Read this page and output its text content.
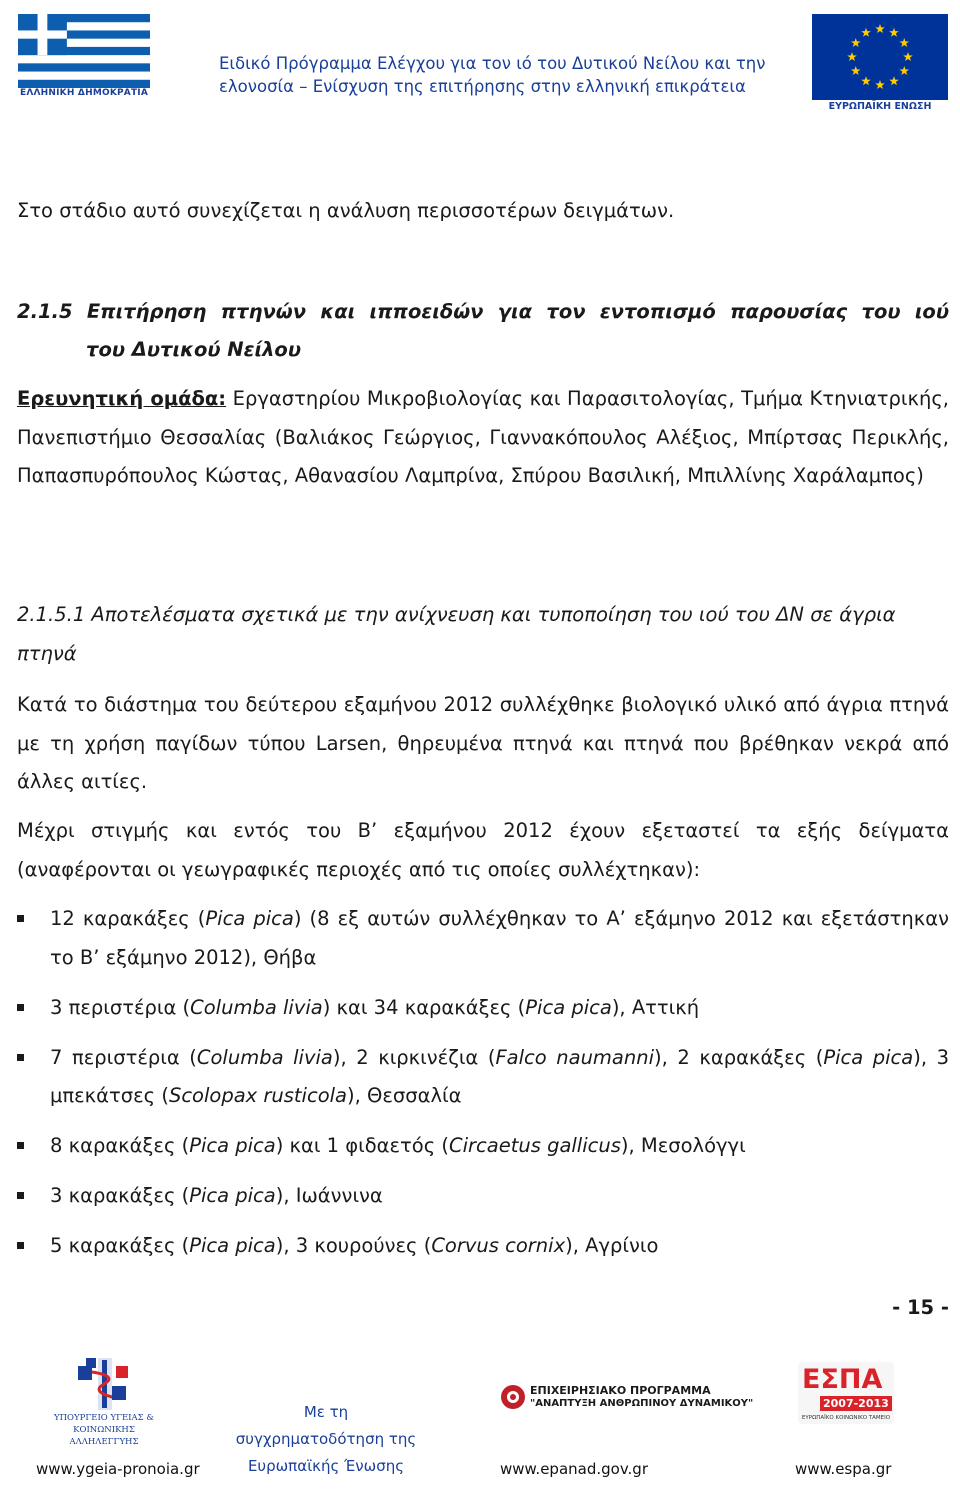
ΕΛΛΗΝΙΚΗ ΔΗΜΟΚΡΑΤΙΑ
Ειδικό Πρόγραμμα Ελέγχου για τον ιό του Δυτικού Νείλου και την
ελονοσία – Ενίσχυση της επιτήρησης στην ελληνική επικράτεια
ΕΥΡΩΠΑΪΚΗ ΕΝΩΣΗ
Στο στάδιο αυτό συνεχίζεται η ανάλυση περισσοτέρων δειγμάτων.
2.1.5 Επιτήρηση πτηνών και ιπποειδών για τον εντοπισμό παρουσίας του ιού
του Δυτικού Νείλου
Ερευνητική ομάδα: Εργαστηρίου Μικροβιολογίας και Παρασιτολογίας, Τμήμα Κτηνιατρικής, Πανεπιστήμιο Θεσσαλίας (Βαλιάκος Γεώργιος, Γιαννακόπουλος Αλέξιος, Μπίρτσας Περικλής, Παπασπυρόπουλος Κώστας, Αθανασίου Λαμπρίνα, Σπύρου Βασιλική, Μπιλλίνης Χαράλαμπος)
2.1.5.1 Αποτελέσματα σχετικά με την ανίχνευση και τυποποίηση του ιού του ΔΝ σε άγρια πτηνά
Κατά το διάστημα του δεύτερου εξαμήνου 2012 συλλέχθηκε βιολογικό υλικό από άγρια πτηνά με τη χρήση παγίδων τύπου Larsen, θηρευμένα πτηνά και πτηνά που βρέθηκαν νεκρά από άλλες αιτίες.
Μέχρι στιγμής και εντός του Β’ εξαμήνου 2012 έχουν εξεταστεί τα εξής δείγματα (αναφέρονται οι γεωγραφικές περιοχές από τις οποίες συλλέχτηκαν):
12 καρακάξες (Pica pica) (8 εξ αυτών συλλέχθηκαν το Α’ εξάμηνο 2012 και εξετάστηκαν το Β’ εξάμηνο 2012), Θήβα
3 περιστέρια (Columba livia) και 34 καρακάξες (Pica pica), Αττική
7 περιστέρια (Columba livia), 2 κιρκινέζια (Falco naumanni), 2 καρακάξες (Pica pica), 3 μπεκάτσες (Scolopax rusticola), Θεσσαλία
8 καρακάξες (Pica pica) και 1 φιδαετός (Circaetus gallicus), Μεσολόγγι
3 καρακάξες (Pica pica), Ιωάννινα
5 καρακάξες (Pica pica), 3 κουρούνες (Corvus cornix), Αγρίνιο
- 15 -
ΥΠΟΥΡΓΕΙΟ ΥΓΕΙΑΣ &
ΚΟΙΝΩΝΙΚΗΣ ΑΛΛΗΛΕΓΓΥΗΣ
www.ygeia-pronoia.gr
Με τη
συγχρηματοδότηση της
Ευρωπαϊκής Ένωσης
ΕΠΙΧΕΙΡΗΣΙΑΚΟ ΠΡΟΓΡΑΜΜΑ
"ΑΝΑΠΤΥΞΗ ΑΝΘΡΩΠΙΝΟΥ ΔΥΝΑΜΙΚΟΥ"
www.epanad.gov.gr
ΕΣΠΑ
2007-2013
ΕΥΡΩΠΑΪΚΟ ΚΟΙΝΩΝΙΚΟ ΤΑΜΕΙΟ
www.espa.gr
